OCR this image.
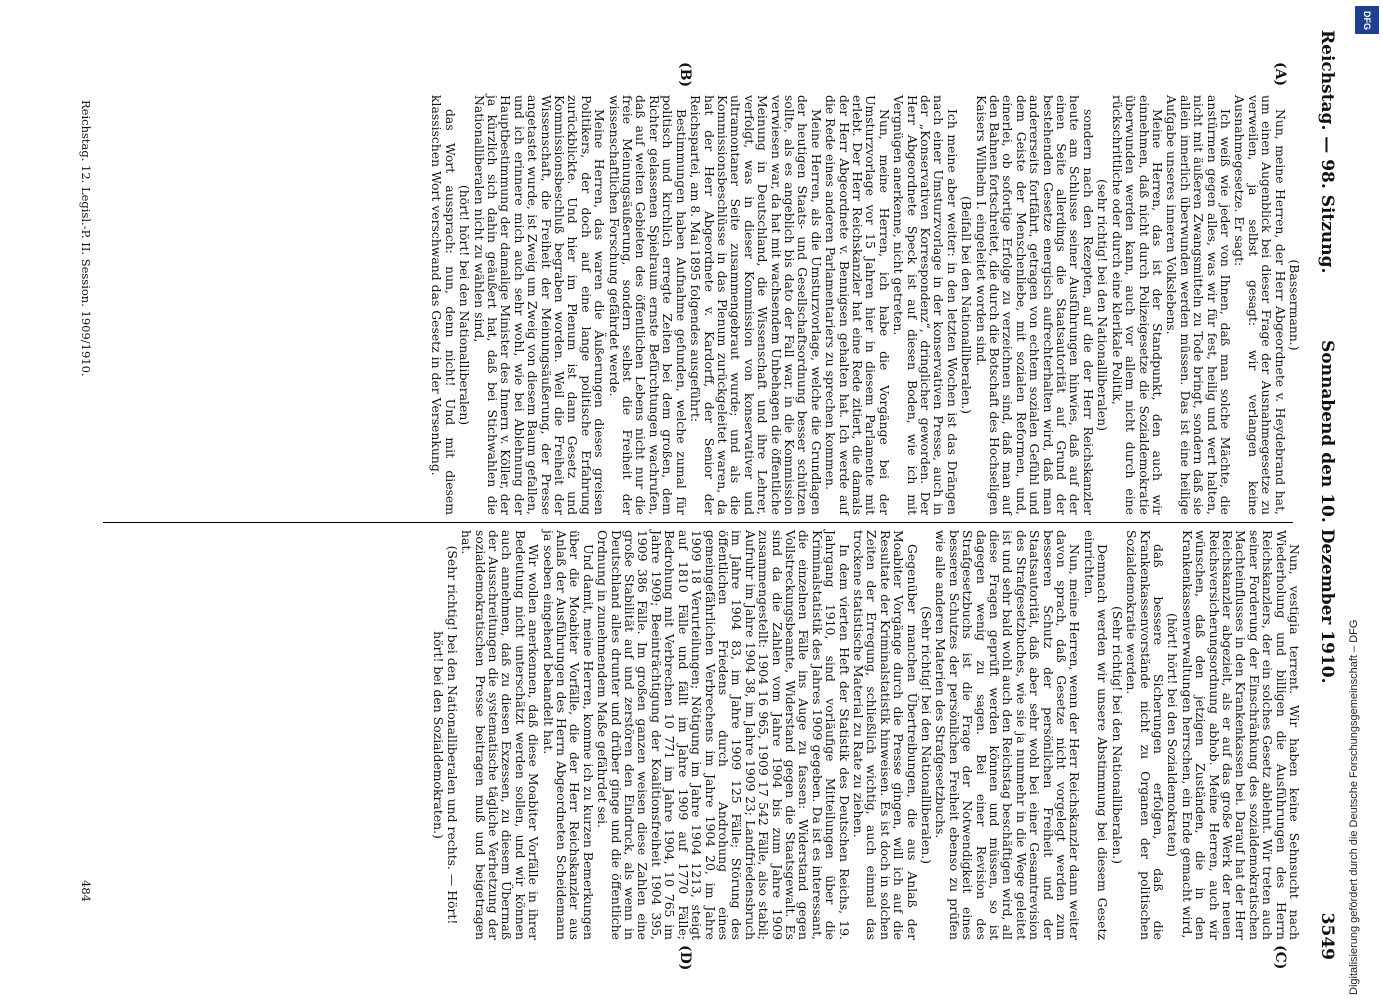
Reichstag. — 98. Sitzung.
Sonnabend den 10. Dezember 1910.
3549
(A)
(B)
(C)
(D)

(Bassermann.)

Nun, meine Herren, der Herr Abgeordnete v. Heydebrand hat, um einen Augenblick bei dieser Frage der Ausnahmegesetze zu verweilen, ja selbst gesagt: wir verlangen keine Ausnahmegesetze. Er sagt:

Ich weiß wie jeder von Ihnen, daß man solche Mächte, die anstürmen gegen alles, was wir für fest, heilig und wert halten, nicht mit äußeren Zwangsmitteln zu Tode bringt, sondern daß sie allein innerlich überwunden werden müssen. Das ist eine heilige Aufgabe unseres inneren Volkslebens.

Meine Herren, das ist der Standpunkt, den auch wir einnehmen, daß nicht durch Polizeigesetze die Sozialdemokratie überwunden werden kann, auch vor allem nicht durch eine rückschrittliche oder durch eine klerikale Politik,

(sehr richtig! bei den Nationalliberalen)

sondern nach den Rezepten, auf die der Herr Reichskanzler heute am Schlusse seiner Ausführungen hinwies, daß auf der einen Seite allerdings die Staatsautorität auf Grund der bestehenden Gesetze energisch aufrechterhalten wird, daß man andererseits fortfährt, getragen von echtem sozialen Gefühl und dem Geiste der Menschenliebe, mit sozialen Reformen, und, einerlei, ob sofortige Erfolge zu verzeichnen sind, daß man auf den Bahnen fortschreitet, die durch die Botschaft des Hochseligen Kaisers Wilhelm I. eingeleitet worden sind.

(Beifall bei den Nationalliberalen.)

Ich meine aber weiter: in den letzten Wochen ist das Drängen nach einer Umsturzvorlage in der konservativen Presse, auch in der „Konservativen Korrespondenz“, dringlicher geworden. Der Herr Abgeordnete Speck ist auf diesen Boden, wie ich mit Vergnügen anerkenne, nicht getreten.

Nun, meine Herren, ich habe die Vorgänge bei der Umsturzvorlage vor 15 Jahren hier in diesem Parlamente mit erlebt. Der Herr Reichskanzler hat eine Rede zitiert, die damals der Herr Abgeordnete v. Bennigsen gehalten hat. Ich werde auf die Rede eines anderen Parlamentariers zu sprechen kommen.

Meine Herren, als die Umsturzvorlage, welche die Grundlagen der heutigen Staats- und Gesellschaftsordnung besser schützen sollte, als es angeblich bis dato der Fall war, in die Kommission verwiesen war, da hat mit wachsendem Unbehagen die öffentliche Meinung in Deutschland, die Wissenschaft und ihre Lehrer, verfolgt, was in dieser Kommission von konservativer und ultramontaner Seite zusammengebraut wurde; und als die Kommissionsbeschlüsse in das Plenum zurückgeleitet waren, da hat der Herr Abgeordnete v. Kardorff, der Senior der Reichspartei, am 8. Mai 1895 folgendes ausgeführt:

Bestimmungen haben Aufnahme gefunden, welche zumal für politisch und kirchlich erregte Zeiten bei dem großen, dem Richter gelassenen Spielraum ernste Befürchtungen wachrufen, daß auf weiten Gebieten des öffentlichen Lebens nicht nur die freie Meinungsäußerung, sondern selbst die Freiheit der wissenschaftlichen Forschung gefährdet werde.

Meine Herren, das waren die Äußerungen dieses greisen Politikers, der doch auf eine lange politische Erfahrung zurückblickte. Und hier im Plenum ist dann Gesetz und Kommissionsbeschluß begraben worden. Weil die Freiheit der Wissenschaft, die Freiheit der Meinungsäußerung, der Presse angetastet wurde, ist Zweig um Zweig von diesem Baum gefallen, und ich erinnere mich auch sehr wohl, wie bei Ablehnung der Hauptbestimmung der damalige Minister des Innern v. Köller, der ja kürzlich sich dahin geäußert hat, daß bei Stichwahlen die Nationalliberalen nicht zu wählen sind,

(hört! hört! bei den Nationalliberalen)

das Wort aussprach: nun, denn nicht! Und mit diesem klassischen Wort verschwand das Gesetz in der Versenkung.

Nun, vestigia terrent. Wir haben keine Sehnsucht nach Wiederholung und billigen die Ausführungen des Herrn Reichskanzlers, der ein solches Gesetz ablehnt. Wir treten auch seiner Forderung der Einschränkung des sozialdemokratischen Machteinflusses in den Krankenkassen bei. Darauf hat der Herr Reichskanzler abgezielt, als er auf das große Werk der neuen Reichsversicherungsordnung abhob. Meine Herren, auch wir wünschen, daß den jetzigen Zuständen, die in den Krankenkassenverwaltungen herrschen, ein Ende gemacht wird,

(hört! hört! bei den Sozialdemokraten)

daß bessere Sicherungen erfolgen, daß die Krankenkassenvorstände nicht zu Organen der politischen Sozialdemokratie werden.

(Sehr richtig! bei den Nationalliberalen.)

Demnach werden wir unsere Abstimmung bei diesem Gesetz einrichten.

Nun, meine Herren, wenn der Herr Reichskanzler dann weiter davon sprach, daß Gesetze nicht vorgelegt werden zum besseren Schutz der persönlichen Freiheit und der Staatsautorität, daß aber sehr wohl bei einer Gesamtrevision des Strafgesetzbuches, wie sie ja nunmehr in die Wege geleitet ist und sehr bald wohl auch den Reichstag beschäftigen wird, all diese Fragen geprüft werden können und müssen, so ist dagegen wenig zu sagen. Bei einer Revision des Strafgesetzbuchs ist die Frage der Notwendigkeit eines besseren Schutzes der persönlichen Freiheit ebenso zu prüfen wie alle anderen Materien des Strafgesetzbuchs.

(Sehr richtig! bei den Nationalliberalen.)

Gegenüber manchen Übertreibungen, die aus Anlaß der Moabiter Vorgänge durch die Presse gingen, will ich auf die Resultate der Kriminalstatistik hinweisen. Es ist doch in solchen Zeiten der Erregung, schließlich wichtig, auch einmal das trockene statistische Material zu Rate zu ziehen.

In dem vierten Heft der Statistik des Deutschen Reichs, 19. Jahrgang 1910, sind vorläufige Mitteilungen über die Kriminalstatistik des Jahres 1909 gegeben. Da ist es interessant, die einzelnen Fälle ins Auge zu fassen: Widerstand gegen Vollstreckungsbeamte, Widerstand gegen die Staatsgewalt. Es sind da die Zahlen vom Jahre 1904 bis zum Jahre 1909 zusammengestellt: 1904 16 965, 1909 17 542 Fälle, also stabil; Aufruhr im Jahre 1904 38, im Jahre 1909 23; Landfriedensbruch im Jahre 1904 83, im Jahre 1909 125 Fälle; Störung des öffentlichen Friedens durch Androhung eines gemeingefährlichen Verbrechens im Jahre 1904 20, im Jahre 1909 18 Verurteilungen; Nötigung im Jahre 1904 1213, steigt auf 1810 Fälle und fällt im Jahre 1909 auf 1770 Fälle; Bedrohung mit Verbrechen 10 771 im Jahre 1904, 10 765 im Jahre 1909; Beeinträchtigung der Koalitionsfreiheit 1904 395, 1909 386 Fälle. Im großen ganzen weisen diese Zahlen eine große Stabilität auf und zerstören den Eindruck, als wenn in Deutschland alles drunter und drüber ginge und die öffentliche Ordnung in zunehmendem Maße gefährdet sei.

Und damit, meine Herren, komme ich zu kurzen Bemerkungen über die Moabiter Vorfälle, die der Herr Reichskanzler aus Anlaß der Ausführungen des Herrn Abgeordneten Scheidemann ja soeben eingehend behandelt hat.

Wir wollen anerkennen, daß diese Moabiter Vorfälle in ihrer Bedeutung nicht unterschätzt werden sollen, und wir können auch annehmen, daß zu diesen Exzessen, zu diesem Übermaß der Ausschreitungen die systematische tägliche Verhetzung der sozialdemokratischen Presse beitragen muß und beigetragen hat.

(Sehr richtig! bei den Nationalliberalen und rechts. — Hört! hört! bei den Sozialdemokraten.)

Reichstag. 12. Legisl.-P. II. Session. 1909/1910.
484
DFG
Digitalisierung gefördert durch die Deutsche Forschungsgemeinschaft – DFG
